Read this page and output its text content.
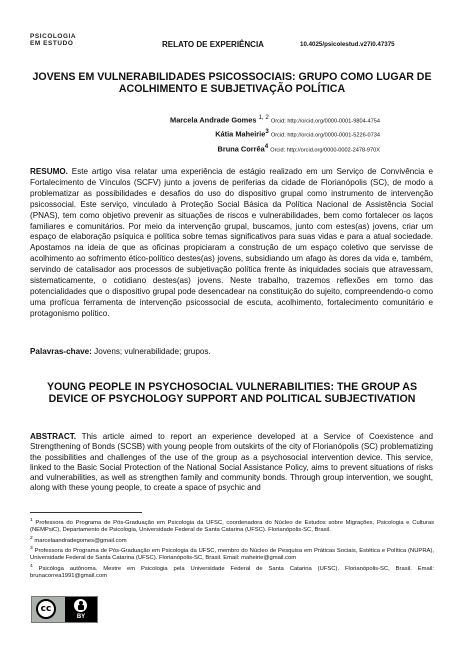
PSICOLOGIA
EM ESTUDO	RELATO DE EXPERIÊNCIA	10.4025/psicolestud.v27i0.47375
JOVENS EM VULNERABILIDADES PSICOSSOCIAIS: GRUPO COMO LUGAR DE ACOLHIMENTO E SUBJETIVAÇÃO POLÍTICA
Marcela Andrade Gomes $^{1, 2}$ Orcid: http://orcid.org/0000-0001-9804-4754
Kátia Maheirie$^3$ Orcid: http://orcid.org/0000-0001-5226-0734
Bruna Corrêa$^4$ Orcid: http://orcid.org/0000-0002-2478-970X
RESUMO. Este artigo visa relatar uma experiência de estágio realizado em um Serviço de Convivência e Fortalecimento de Vínculos (SCFV) junto a jovens de periferias da cidade de Florianópolis (SC), de modo a problematizar as possibilidades e desafios do uso do dispositivo grupal como instrumento de intervenção psicossocial. Este serviço, vinculado à Proteção Social Básica da Política Nacional de Assistência Social (PNAS), tem como objetivo prevenir as situações de riscos e vulnerabilidades, bem como fortalecer os laços familiares e comunitários. Por meio da intervenção grupal, buscamos, junto com estes(as) jovens, criar um espaço de elaboração psíquica e política sobre temas significativos para suas vidas e para a atual sociedade. Apostamos na ideia de que as oficinas propiciaram a construção de um espaço coletivo que servisse de acolhimento ao sofrimento ético-político destes(as) jovens, subsidiando um afago às dores da vida e, também, servindo de catalisador aos processos de subjetivação política frente às iniquidades sociais que atravessam, sistematicamente, o cotidiano destes(as) jovens. Neste trabalho, trazemos reflexões em torno das potencialidades que o dispositivo grupal pode desencadear na constituição do sujeito, compreendendo-o como uma profícua ferramenta de intervenção psicossocial de escuta, acolhimento, fortalecimento comunitário e protagonismo político.
Palavras-chave: Jovens; vulnerabilidade; grupos.
YOUNG PEOPLE IN PSYCHOSOCIAL VULNERABILITIES: THE GROUP AS DEVICE OF PSYCHOLOGY SUPPORT AND POLITICAL SUBJECTIVATION
ABSTRACT. This article aimed to report an experience developed at a Service of Coexistence and Strengthening of Bonds (SCSB) with young people from outskirts of the city of Florianópolis (SC) problematizing the possibilities and challenges of the use of the group as a psychosocial intervention device. This service, linked to the Basic Social Protection of the National Social Assistance Policy, aims to prevent situations of risks and vulnerabilities, as well as strengthen family and community bonds. Through group intervention, we sought, along with these young people, to create a space of psychic and
$^1$ Professora do Programa de Pós-Graduação em Psicologia da UFSC, coordenadora do Núcleo de Estudos sobre Migrações, Psicologia e Culturas (NEMPsiC), Departamento de Psicologia, Universidade Federal de Santa Catarina (UFSC). Florianópolis-SC, Brasil.
$^2$ marcelaandradegomes@gmail.com
$^3$ Professora do Programa de Pós-Graduação em Psicologia da UFSC, membro do Núcleo de Pesquisa em Práticas Sociais, Estética e Política (NUPRA), Universidade Federal de Santa Catarina (UFSC). Florianópolis-SC, Brasil. Email: maheirie@gmail.com
$^4$ Psicóloga autônoma. Mestre em Psicologia pela Universidade Federal de Santa Catarina (UFSC). Florianópolis-SC, Brasil. Email: brunacorrea1991@gmail.com
cc
BY
